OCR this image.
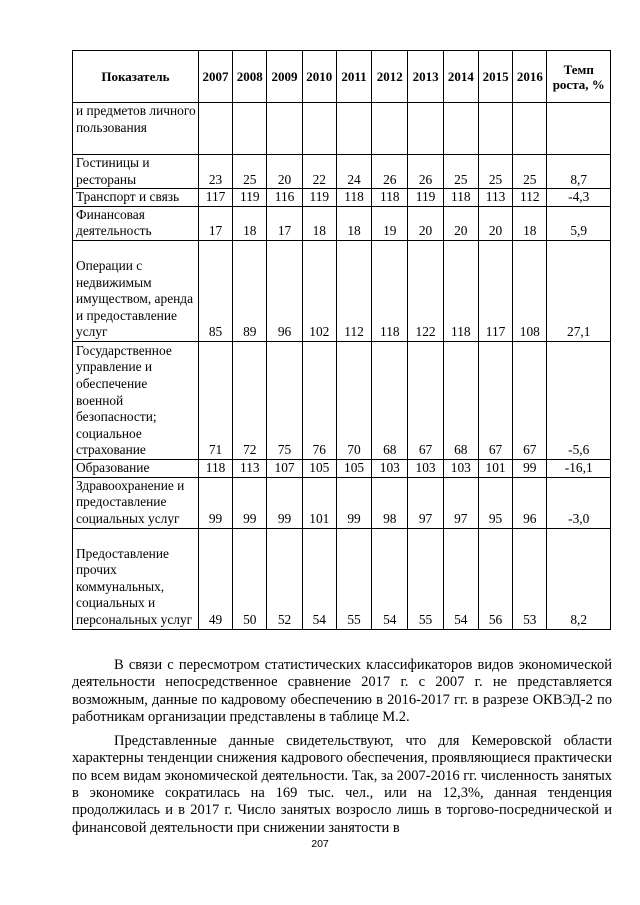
Показатель	2007	2008	2009	2010	2011	2012	2013	2014	2015	2016	Темп роста, %
и предметов личного пользования											
Гостиницы и рестораны	23	25	20	22	24	26	26	25	25	25	8,7
Транспорт и связь	117	119	116	119	118	118	119	118	113	112	-4,3
Финансовая деятельность	17	18	17	18	18	19	20	20	20	18	5,9
Операции с недвижимым имуществом, аренда и предоставление услуг	85	89	96	102	112	118	122	118	117	108	27,1
Государственное управление и обеспечение военной безопасности; социальное страхование	71	72	75	76	70	68	67	68	67	67	-5,6
Образование	118	113	107	105	105	103	103	103	101	99	-16,1
Здравоохранение и предоставление социальных услуг	99	99	99	101	99	98	97	97	95	96	-3,0
Предоставление прочих коммунальных, социальных и персональных услуг	49	50	52	54	55	54	55	54	56	53	8,2

В связи с пересмотром статистических классификаторов видов экономической деятельности непосредственное сравнение 2017 г. с 2007 г. не представляется возможным, данные по кадровому обеспечению в 2016-2017 гг. в разрезе ОКВЭД-2 по работникам организации представлены в таблице М.2.

Представленные данные свидетельствуют, что для Кемеровской области характерны тенденции снижения кадрового обеспечения, проявляющиеся практически по всем видам экономической деятельности. Так, за 2007-2016 гг. численность занятых в экономике сократилась на 169 тыс. чел., или на 12,3%, данная тенденция продолжилась и в 2017 г. Число занятых возросло лишь в торгово-посреднической и финансовой деятельности при снижении занятости в

207
